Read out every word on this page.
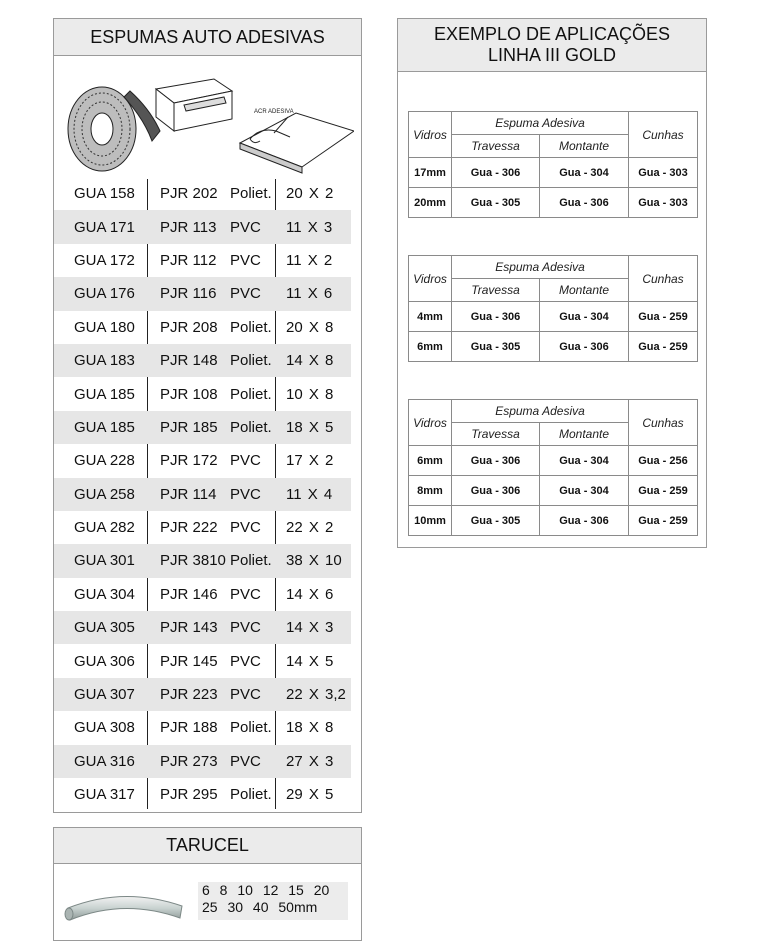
ESPUMAS AUTO ADESIVAS
ACR ADESIVA
GUA 158 PJR 202 Poliet. 20 X 2
GUA 171 PJR 113 PVC 11 X 3
GUA 172 PJR 112 PVC 11 X 2
GUA 176 PJR 116 PVC 11 X 6
GUA 180 PJR 208 Poliet. 20 X 8
GUA 183 PJR 148 Poliet. 14 X 8
GUA 185 PJR 108 Poliet. 10 X 8
GUA 185 PJR 185 Poliet. 18 X 5
GUA 228 PJR 172 PVC 17 X 2
GUA 258 PJR 114 PVC 11 X 4
GUA 282 PJR 222 PVC 22 X 2
GUA 301 PJR 3810 Poliet. 38 X 10
GUA 304 PJR 146 PVC 14 X 6
GUA 305 PJR 143 PVC 14 X 3
GUA 306 PJR 145 PVC 14 X 5
GUA 307 PJR 223 PVC 22 X 3,2
GUA 308 PJR 188 Poliet. 18 X 8
GUA 316 PJR 273 PVC 27 X 3
GUA 317 PJR 295 Poliet. 29 X 5
TARUCEL
6 8 10 12 15 20
25 30 40 50mm
EXEMPLO DE APLICAÇÕES
LINHA III GOLD
Vidros	Espuma Adesiva		Cunhas
	Travessa	Montante	
17mm	Gua - 306	Gua - 304	Gua - 303
20mm	Gua - 305	Gua - 306	Gua - 303
Vidros	Espuma Adesiva		Cunhas
	Travessa	Montante	
4mm	Gua - 306	Gua - 304	Gua - 259
6mm	Gua - 305	Gua - 306	Gua - 259
Vidros	Espuma Adesiva		Cunhas
	Travessa	Montante	
6mm	Gua - 306	Gua - 304	Gua - 256
8mm	Gua - 306	Gua - 304	Gua - 259
10mm	Gua - 305	Gua - 306	Gua - 259
